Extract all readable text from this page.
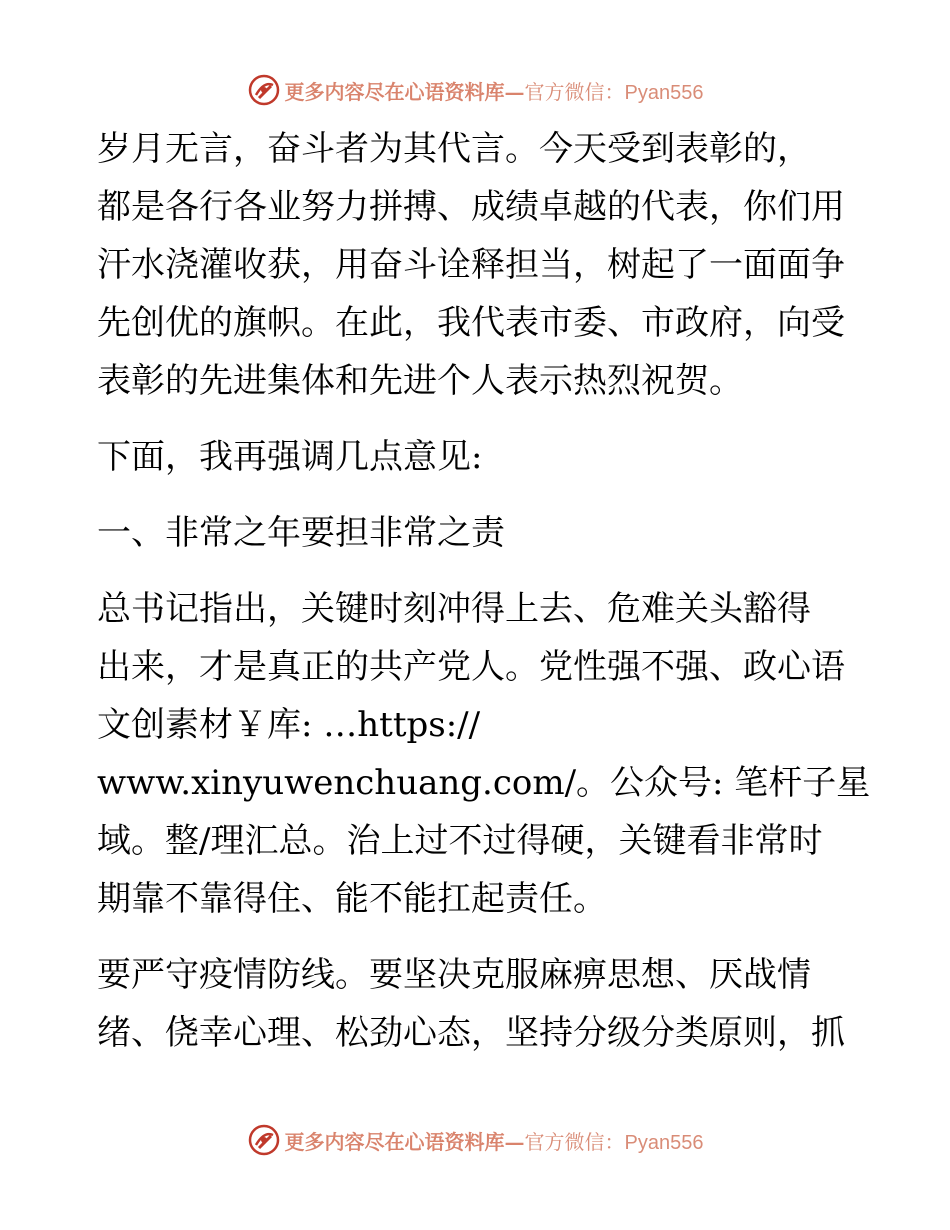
更多内容尽在心语资料库— 官方微信：Pyan556

岁月无言，奋斗者为其代言。今天受到表彰的，
都是各行各业努力拼搏、成绩卓越的代表，你们用
汗水浇灌收获，用奋斗诠释担当，树起了一面面争
先创优的旗帜。在此，我代表市委、市政府，向受
表彰的先进集体和先进个人表示热烈祝贺。

下面，我再强调几点意见:

一、非常之年要担非常之责

总书记指出，关键时刻冲得上去、危难关头豁得
出来，才是真正的共产党人。党性强不强、政心语
文创素材￥库: …https://
www.xinyuwenchuang.com/。公众号: 笔杆子星
域。整/理汇总。治上过不过得硬，关键看非常时
期靠不靠得住、能不能扛起责任。

要严守疫情防线。要坚决克服麻痹思想、厌战情
绪、侥幸心理、松劲心态，坚持分级分类原则，抓

更多内容尽在心语资料库— 官方微信：Pyan556
